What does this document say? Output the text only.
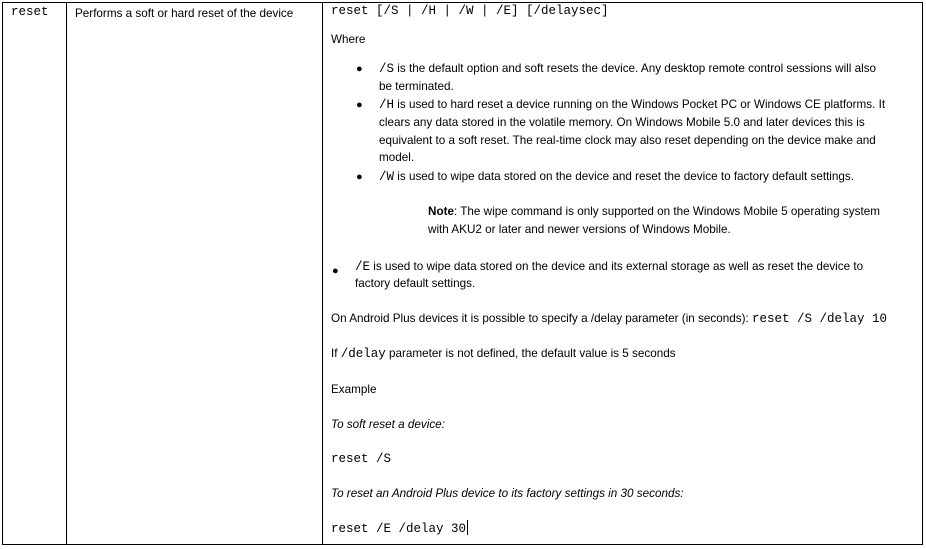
reset Performs a soft or hard reset of the device	reset [/S | /H | /W | /E] [/delaysec]
Where
● /S is the default option and soft resets the device. Any desktop remote control sessions will also
be terminated.
● /H is used to hard reset a device running on the Windows Pocket PC or Windows CE platforms. It
clears any data stored in the volatile memory. On Windows Mobile 5.0 and later devices this is
equivalent to a soft reset. The real-time clock may also reset depending on the device make and
model.
● /W is used to wipe data stored on the device and reset the device to factory default settings.
Note: The wipe command is only supported on the Windows Mobile 5 operating system
with AKU2 or later and newer versions of Windows Mobile.
● /E is used to wipe data stored on the device and its external storage as well as reset the device to
factory default settings.
On Android Plus devices it is possible to specify a /delay parameter (in seconds): reset /S /delay 10
If /delay parameter is not defined, the default value is 5 seconds
Example
To soft reset a device:
reset /S
To reset an Android Plus device to its factory settings in 30 seconds:
reset /E /delay 30
